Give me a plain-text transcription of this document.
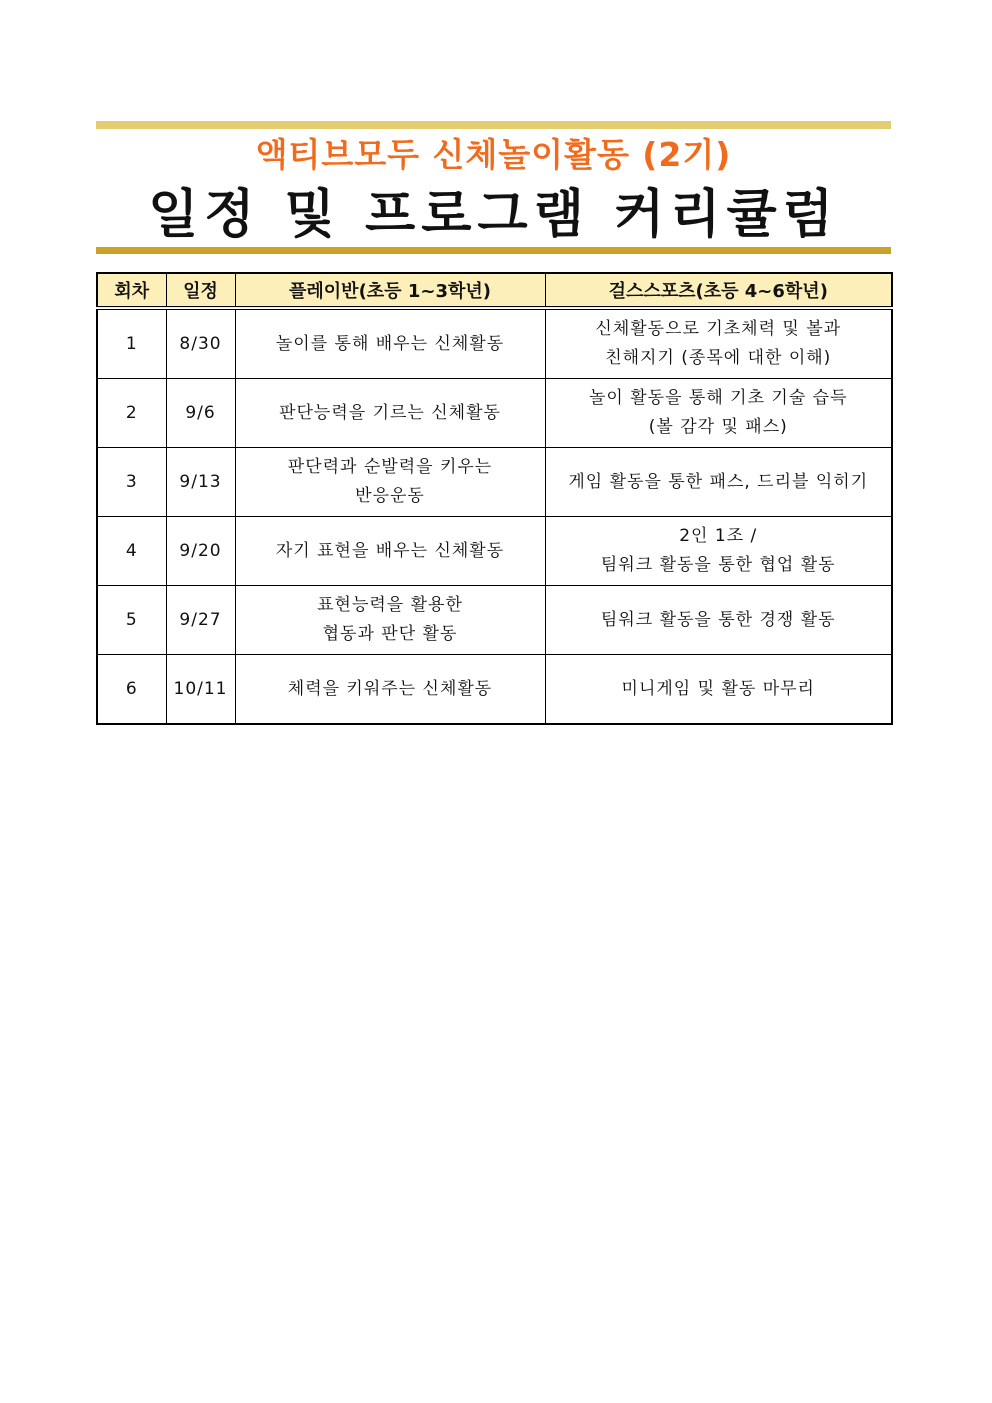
액티브모두 신체놀이활동 (2기)
일정 및 프로그램 커리큘럼
회차	일정	플레이반(초등 1~3학년)	걸스스포츠(초등 4~6학년)
1	8/30	놀이를 통해 배우는 신체활동	신체활동으로 기초체력 및 볼과
친해지기 (종목에 대한 이해)

2	9/6	판단능력을 기르는 신체활동	놀이 활동을 통해 기초 기술 습득
(볼 감각 및 패스)

3	9/13	판단력과 순발력을 키우는
반응운동	게임 활동을 통한 패스, 드리블 익히기

4	9/20	자기 표현을 배우는 신체활동	2인 1조 /
팀워크 활동을 통한 협업 활동

5	9/27	표현능력을 활용한
협동과 판단 활동	팀워크 활동을 통한 경쟁 활동

6	10/11	체력을 키워주는 신체활동	미니게임 및 활동 마무리
